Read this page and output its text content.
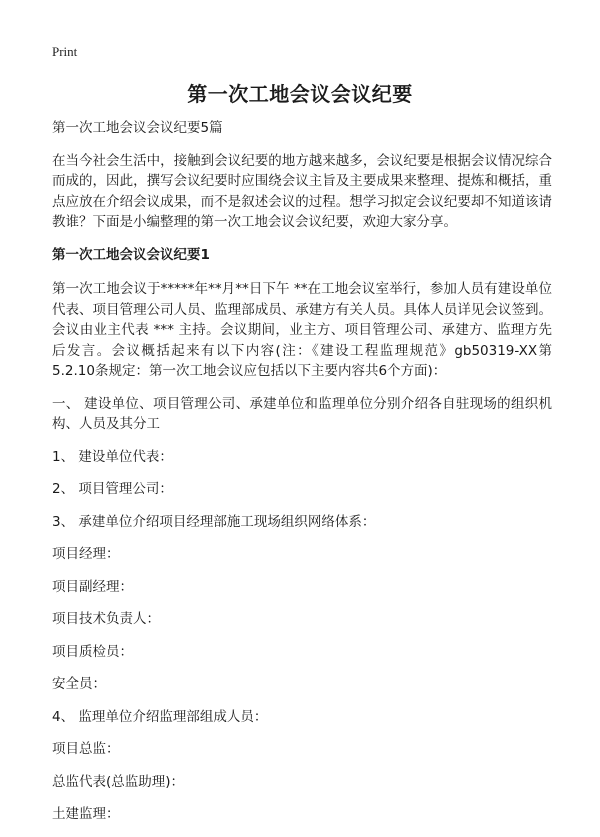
Print
第一次工地会议会议纪要

第一次工地会议会议纪要5篇

在当今社会生活中，接触到会议纪要的地方越来越多，会议纪要是根据会议情况综合而成的，因此，撰写会议纪要时应围绕会议主旨及主要成果来整理、提炼和概括，重点应放在介绍会议成果，而不是叙述会议的过程。想学习拟定会议纪要却不知道该请教谁？下面是小编整理的第一次工地会议会议纪要，欢迎大家分享。

第一次工地会议会议纪要1

第一次工地会议于*****年**月**日下午 **在工地会议室举行，参加人员有建设单位代表、项目管理公司人员、监理部成员、承建方有关人员。具体人员详见会议签到。会议由业主代表 *** 主持。会议期间，业主方、项目管理公司、承建方、监理方先后发言。会议概括起来有以下内容(注：《建设工程监理规范》gb50319-XX第5.2.10条规定：第一次工地会议应包括以下主要内容共6个方面)：

一、 建设单位、项目管理公司、承建单位和监理单位分别介绍各自驻现场的组织机构、人员及其分工

1、 建设单位代表：

2、 项目管理公司：

3、 承建单位介绍项目经理部施工现场组织网络体系：

项目经理：

项目副经理：

项目技术负责人：

项目质检员：

安全员：

4、 监理单位介绍监理部组成人员：

项目总监：

总监代表(总监助理)：

土建监理：
